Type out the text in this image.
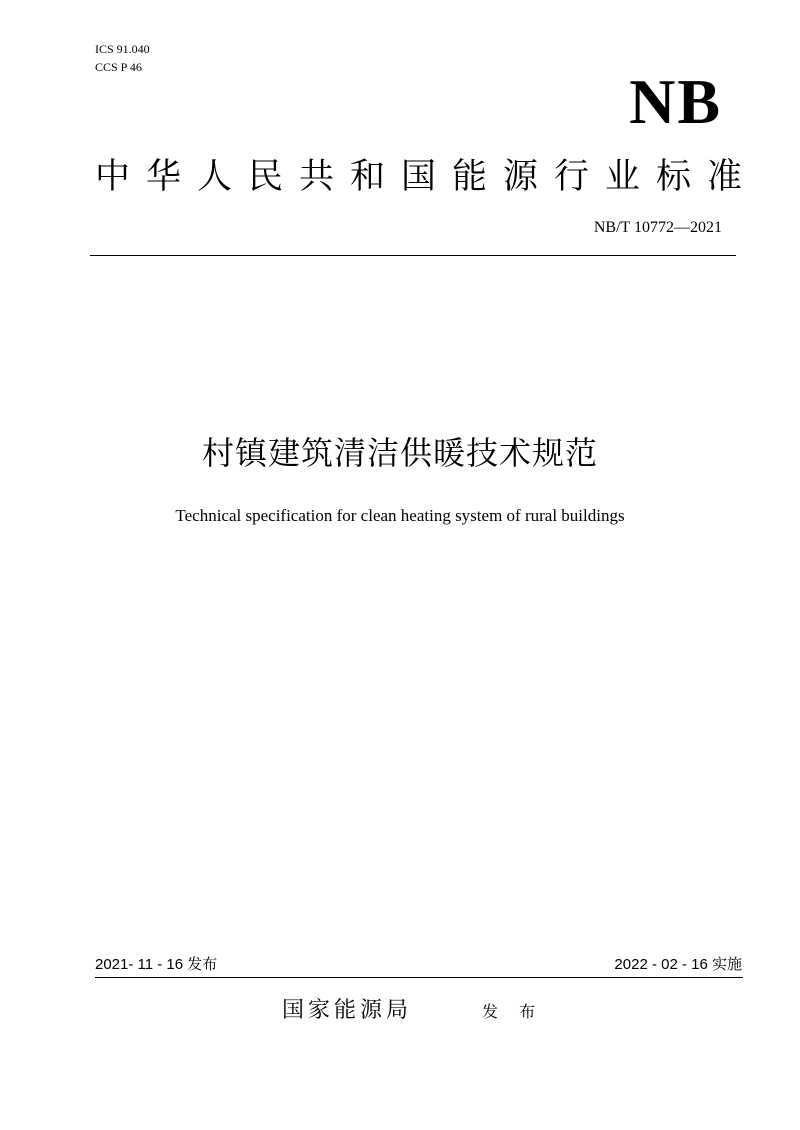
ICS 91.040
CCS P 46	NB
中华人民共和国能源行业标准
NB/T 10772—2021
村镇建筑清洁供暖技术规范
Technical specification for clean heating system of rural buildings
2021- 11 - 16 发布	2022 - 02 - 16 实施
国家能源局	发 布
